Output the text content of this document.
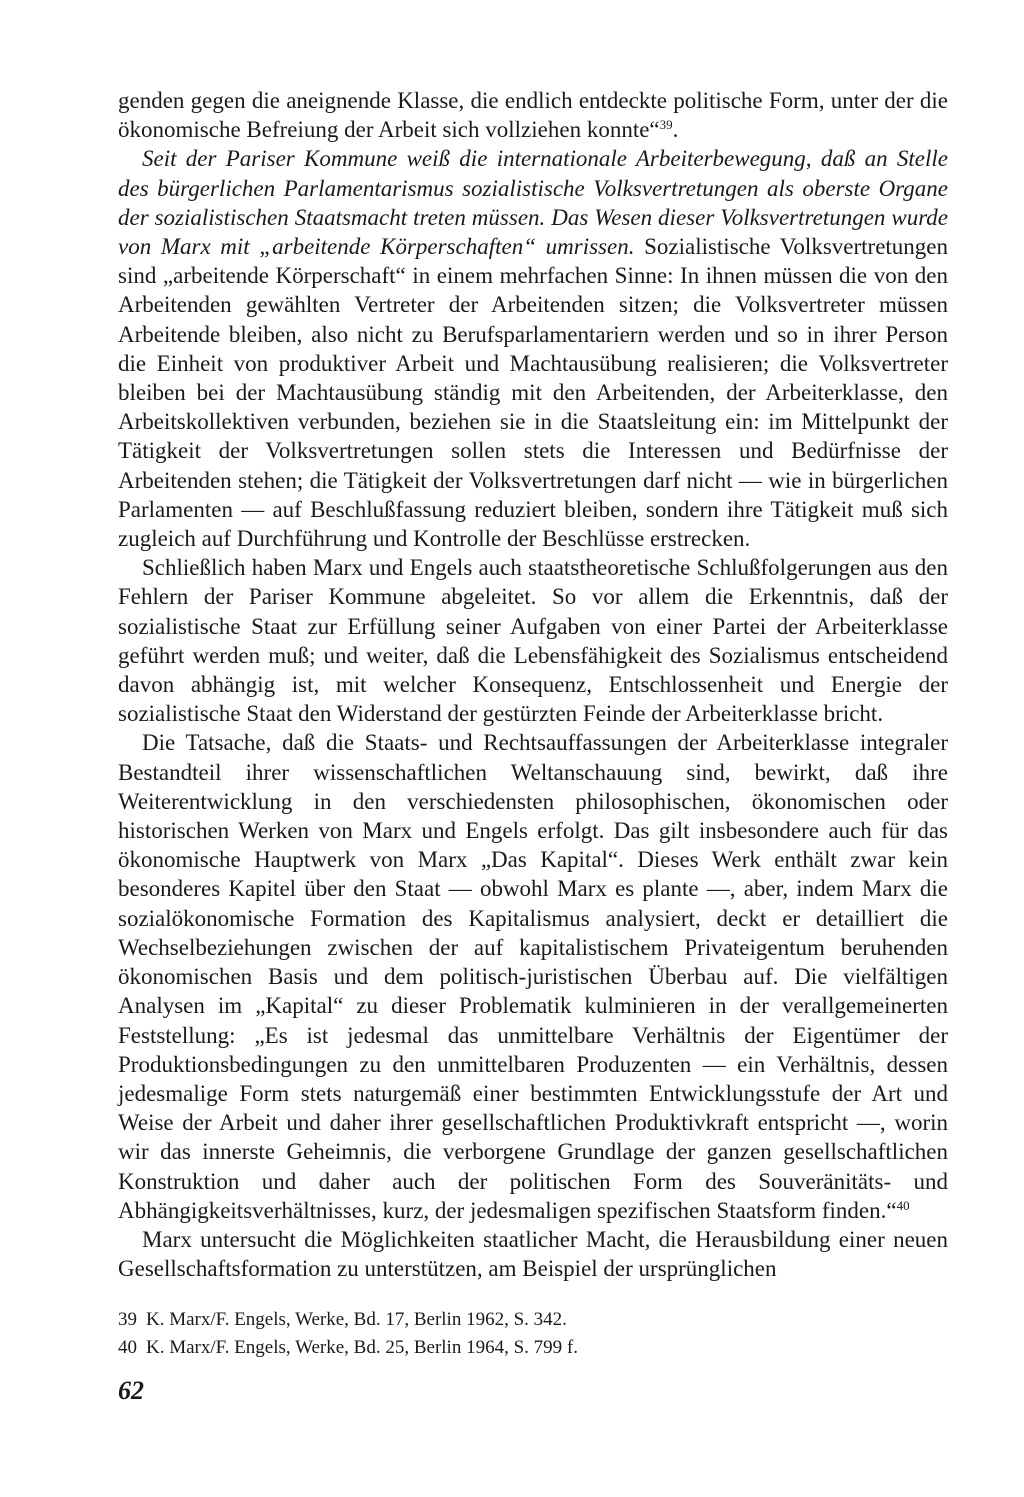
genden gegen die aneignende Klasse, die endlich entdeckte politische Form, unter der die ökonomische Befreiung der Arbeit sich vollziehen konnte“$^{39}$.

Seit der Pariser Kommune weiß die internationale Arbeiterbewegung, daß an Stelle des bürgerlichen Parlamentarismus sozialistische Volksvertretungen als oberste Organe der sozialistischen Staatsmacht treten müssen. Das Wesen dieser Volksvertretungen wurde von Marx mit „arbeitende Körperschaften“ umrissen. Sozialistische Volksvertretungen sind „arbeitende Körperschaft“ in einem mehrfachen Sinne: In ihnen müssen die von den Arbeitenden gewählten Vertreter der Arbeitenden sitzen; die Volksvertreter müssen Arbeitende bleiben, also nicht zu Berufsparlamentariern werden und so in ihrer Person die Einheit von produktiver Arbeit und Machtausübung realisieren; die Volksvertreter bleiben bei der Machtausübung ständig mit den Arbeitenden, der Arbeiterklasse, den Arbeitskollektiven verbunden, beziehen sie in die Staatsleitung ein: im Mittelpunkt der Tätigkeit der Volksvertretungen sollen stets die Interessen und Bedürfnisse der Arbeitenden stehen; die Tätigkeit der Volksvertretungen darf nicht — wie in bürgerlichen Parlamenten — auf Beschlußfassung reduziert bleiben, sondern ihre Tätigkeit muß sich zugleich auf Durchführung und Kontrolle der Beschlüsse erstrecken.

Schließlich haben Marx und Engels auch staatstheoretische Schlußfolgerungen aus den Fehlern der Pariser Kommune abgeleitet. So vor allem die Erkenntnis, daß der sozialistische Staat zur Erfüllung seiner Aufgaben von einer Partei der Arbeiterklasse geführt werden muß; und weiter, daß die Lebensfähigkeit des Sozialismus entscheidend davon abhängig ist, mit welcher Konsequenz, Entschlossenheit und Energie der sozialistische Staat den Widerstand der gestürzten Feinde der Arbeiterklasse bricht.

Die Tatsache, daß die Staats- und Rechtsauffassungen der Arbeiterklasse integraler Bestandteil ihrer wissenschaftlichen Weltanschauung sind, bewirkt, daß ihre Weiterentwicklung in den verschiedensten philosophischen, ökonomischen oder historischen Werken von Marx und Engels erfolgt. Das gilt insbesondere auch für das ökonomische Hauptwerk von Marx „Das Kapital“. Dieses Werk enthält zwar kein besonderes Kapitel über den Staat — obwohl Marx es plante —, aber, indem Marx die sozialökonomische Formation des Kapitalismus analysiert, deckt er detailliert die Wechselbeziehungen zwischen der auf kapitalistischem Privateigentum beruhenden ökonomischen Basis und dem politisch-juristischen Überbau auf. Die vielfältigen Analysen im „Kapital“ zu dieser Problematik kulminieren in der verallgemeinerten Feststellung: „Es ist jedesmal das unmittelbare Verhältnis der Eigentümer der Produktionsbedingungen zu den unmittelbaren Produzenten — ein Verhältnis, dessen jedesmalige Form stets naturgemäß einer bestimmten Entwicklungsstufe der Art und Weise der Arbeit und daher ihrer gesellschaftlichen Produktivkraft entspricht —, worin wir das innerste Geheimnis, die verborgene Grundlage der ganzen gesellschaftlichen Konstruktion und daher auch der politischen Form des Souveränitäts- und Abhängigkeitsverhältnisses, kurz, der jedesmaligen spezifischen Staatsform finden.“$^{40}$

Marx untersucht die Möglichkeiten staatlicher Macht, die Herausbildung einer neuen Gesellschaftsformation zu unterstützen, am Beispiel der ursprünglichen

39 K. Marx/F. Engels, Werke, Bd. 17, Berlin 1962, S. 342.
40 K. Marx/F. Engels, Werke, Bd. 25, Berlin 1964, S. 799 f.
62
